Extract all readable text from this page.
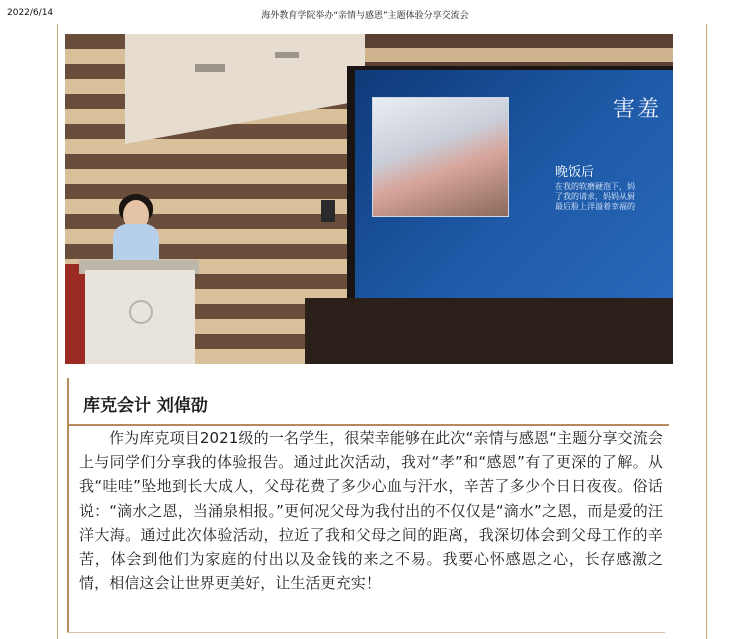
2022/6/14	海外教育学院举办“亲情与感恩”主题体验分享交流会
害羞
晚饭后
在我的软磨硬泡下，妈
了我的请求，妈妈从厨
最后脸上洋溢着幸福的
库克会计 刘倬劭

作为库克项目2021级的一名学生，很荣幸能够在此次“亲情与感恩“主题分享交流会上与同学们分享我的体验报告。通过此次活动，我对“孝”和“感恩”有了更深的了解。从我“哇哇”坠地到长大成人，父母花费了多少心血与汗水，辛苦了多少个日日夜夜。俗话说：“滴水之恩，当涌泉相报。”更何况父母为我付出的不仅仅是“滴水”之恩，而是爱的汪洋大海。通过此次体验活动，拉近了我和父母之间的距离，我深切体会到父母工作的辛苦，体会到他们为家庭的付出以及金钱的来之不易。我要心怀感恩之心，长存感激之情，相信这会让世界更美好，让生活更充实！
